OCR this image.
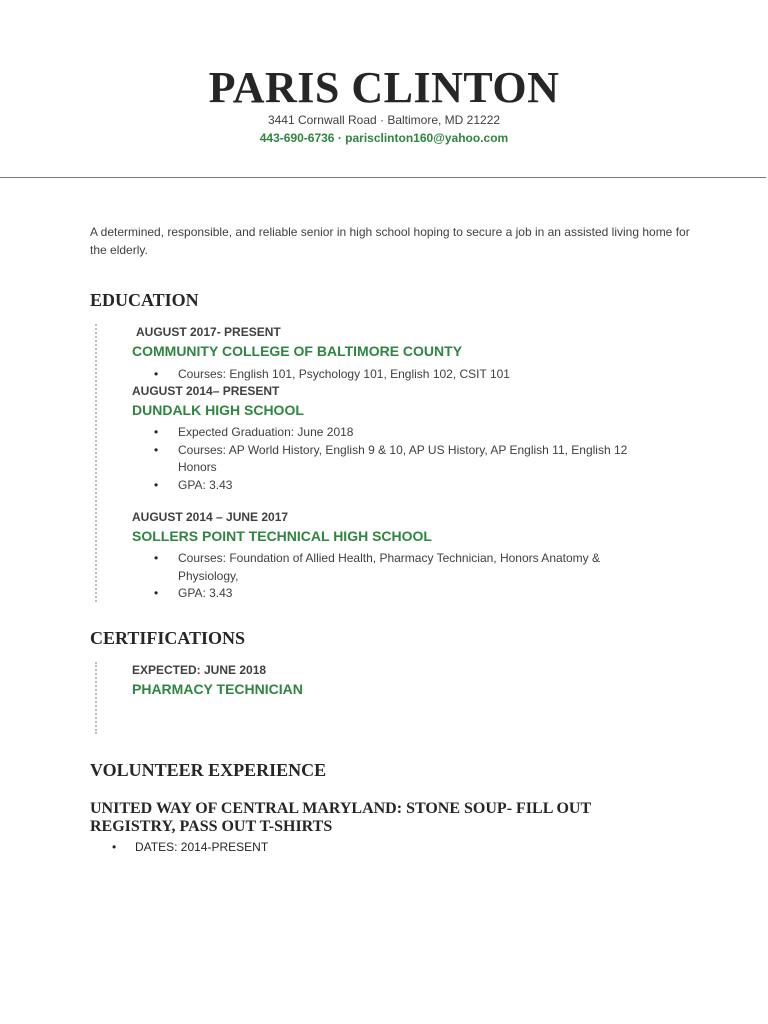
PARIS CLINTON
3441 Cornwall Road · Baltimore, MD 21222
443-690-6736 · parisclinton160@yahoo.com
A determined, responsible, and reliable senior in high school hoping to secure a job in an assisted living home for the elderly.
EDUCATION
AUGUST 2017- PRESENT
COMMUNITY COLLEGE OF BALTIMORE COUNTY
• Courses: English 101, Psychology 101, English 102, CSIT 101
AUGUST 2014– PRESENT
DUNDALK HIGH SCHOOL
• Expected Graduation: June 2018
• Courses: AP World History, English 9 & 10, AP US History, AP English 11, English 12 Honors
• GPA: 3.43
AUGUST 2014 – JUNE 2017
SOLLERS POINT TECHNICAL HIGH SCHOOL
• Courses: Foundation of Allied Health, Pharmacy Technician, Honors Anatomy & Physiology,
• GPA: 3.43
CERTIFICATIONS
EXPECTED: JUNE 2018
PHARMACY TECHNICIAN
VOLUNTEER EXPERIENCE
UNITED WAY OF CENTRAL MARYLAND: STONE SOUP- FILL OUT REGISTRY, PASS OUT T-SHIRTS
• DATES: 2014-PRESENT
